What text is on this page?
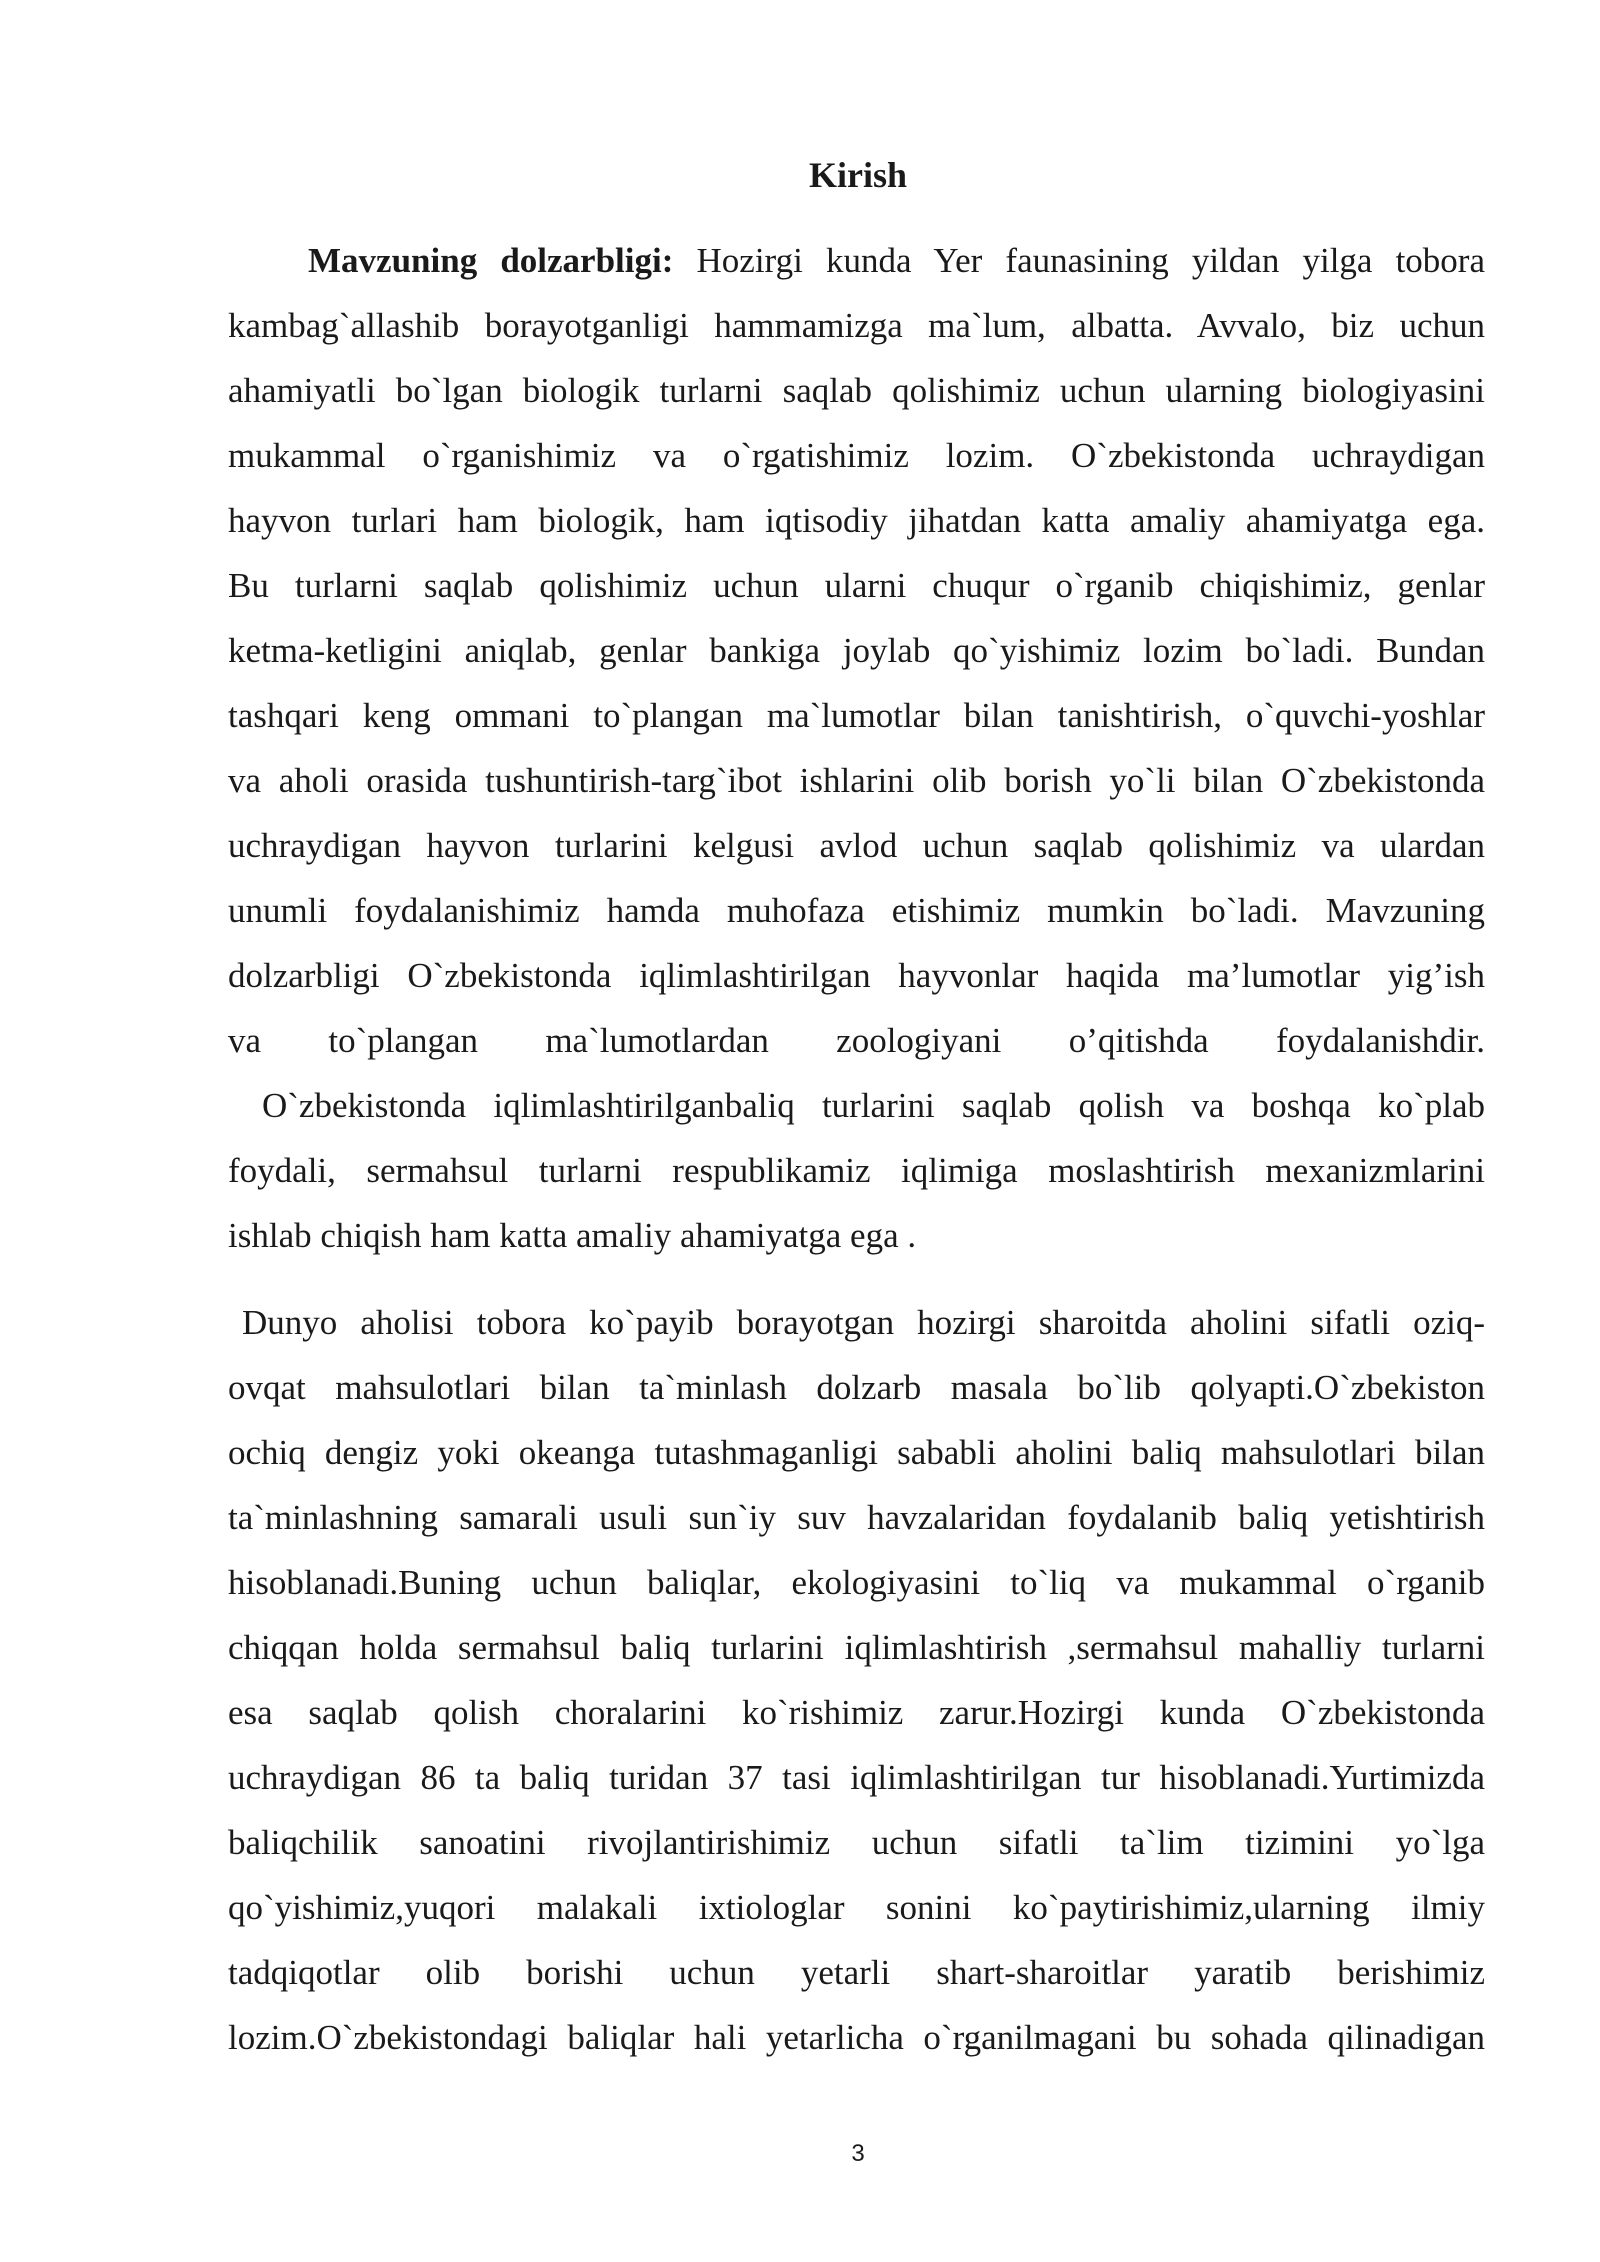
Kirish
Mavzuning dolzarbligi: Hozirgi kunda Yer faunasining yildan yilga tobora
kambag`allashib borayotganligi hammamizga ma`lum, albatta. Avvalo, biz uchun
ahamiyatli bo`lgan biologik turlarni saqlab qolishimiz uchun ularning biologiyasini
mukammal o`rganishimiz va o`rgatishimiz lozim. O`zbekistonda uchraydigan
hayvon turlari ham biologik, ham iqtisodiy jihatdan katta amaliy ahamiyatga ega.
Bu turlarni saqlab qolishimiz uchun ularni chuqur o`rganib chiqishimiz, genlar
ketma-ketligini aniqlab, genlar bankiga joylab qo`yishimiz lozim bo`ladi. Bundan
tashqari keng ommani to`plangan ma`lumotlar bilan tanishtirish, o`quvchi-yoshlar
va aholi orasida tushuntirish-targ`ibot ishlarini olib borish yo`li bilan O`zbekistonda
uchraydigan hayvon turlarini kelgusi avlod uchun saqlab qolishimiz va ulardan
unumli foydalanishimiz hamda muhofaza etishimiz mumkin bo`ladi. Mavzuning
dolzarbligi O`zbekistonda iqlimlashtirilgan hayvonlar haqida ma’lumotlar yig’ish
va to`plangan ma`lumotlardan zoologiyani o’qitishda foydalanishdir.
O`zbekistonda iqlimlashtirilganbaliq turlarini saqlab qolish va boshqa ko`plab
foydali, sermahsul turlarni respublikamiz iqlimiga moslashtirish mexanizmlarini
ishlab chiqish ham katta amaliy ahamiyatga ega .
Dunyo aholisi tobora ko`payib borayotgan hozirgi sharoitda aholini sifatli oziq-
ovqat mahsulotlari bilan ta`minlash dolzarb masala bo`lib qolyapti.O`zbekiston
ochiq dengiz yoki okeanga tutashmaganligi sababli aholini baliq mahsulotlari bilan
ta`minlashning samarali usuli sun`iy suv havzalaridan foydalanib baliq yetishtirish
hisoblanadi.Buning uchun baliqlar, ekologiyasini to`liq va mukammal o`rganib
chiqqan holda sermahsul baliq turlarini iqlimlashtirish ,sermahsul mahalliy turlarni
esa saqlab qolish choralarini ko`rishimiz zarur.Hozirgi kunda O`zbekistonda
uchraydigan 86 ta baliq turidan 37 tasi iqlimlashtirilgan tur hisoblanadi.Yurtimizda
baliqchilik sanoatini rivojlantirishimiz uchun sifatli ta`lim tizimini yo`lga
qo`yishimiz,yuqori malakali ixtiologlar sonini ko`paytirishimiz,ularning ilmiy
tadqiqotlar olib borishi uchun yetarli shart-sharoitlar yaratib berishimiz
lozim.O`zbekistondagi baliqlar hali yetarlicha o`rganilmagani bu sohada qilinadigan

3
